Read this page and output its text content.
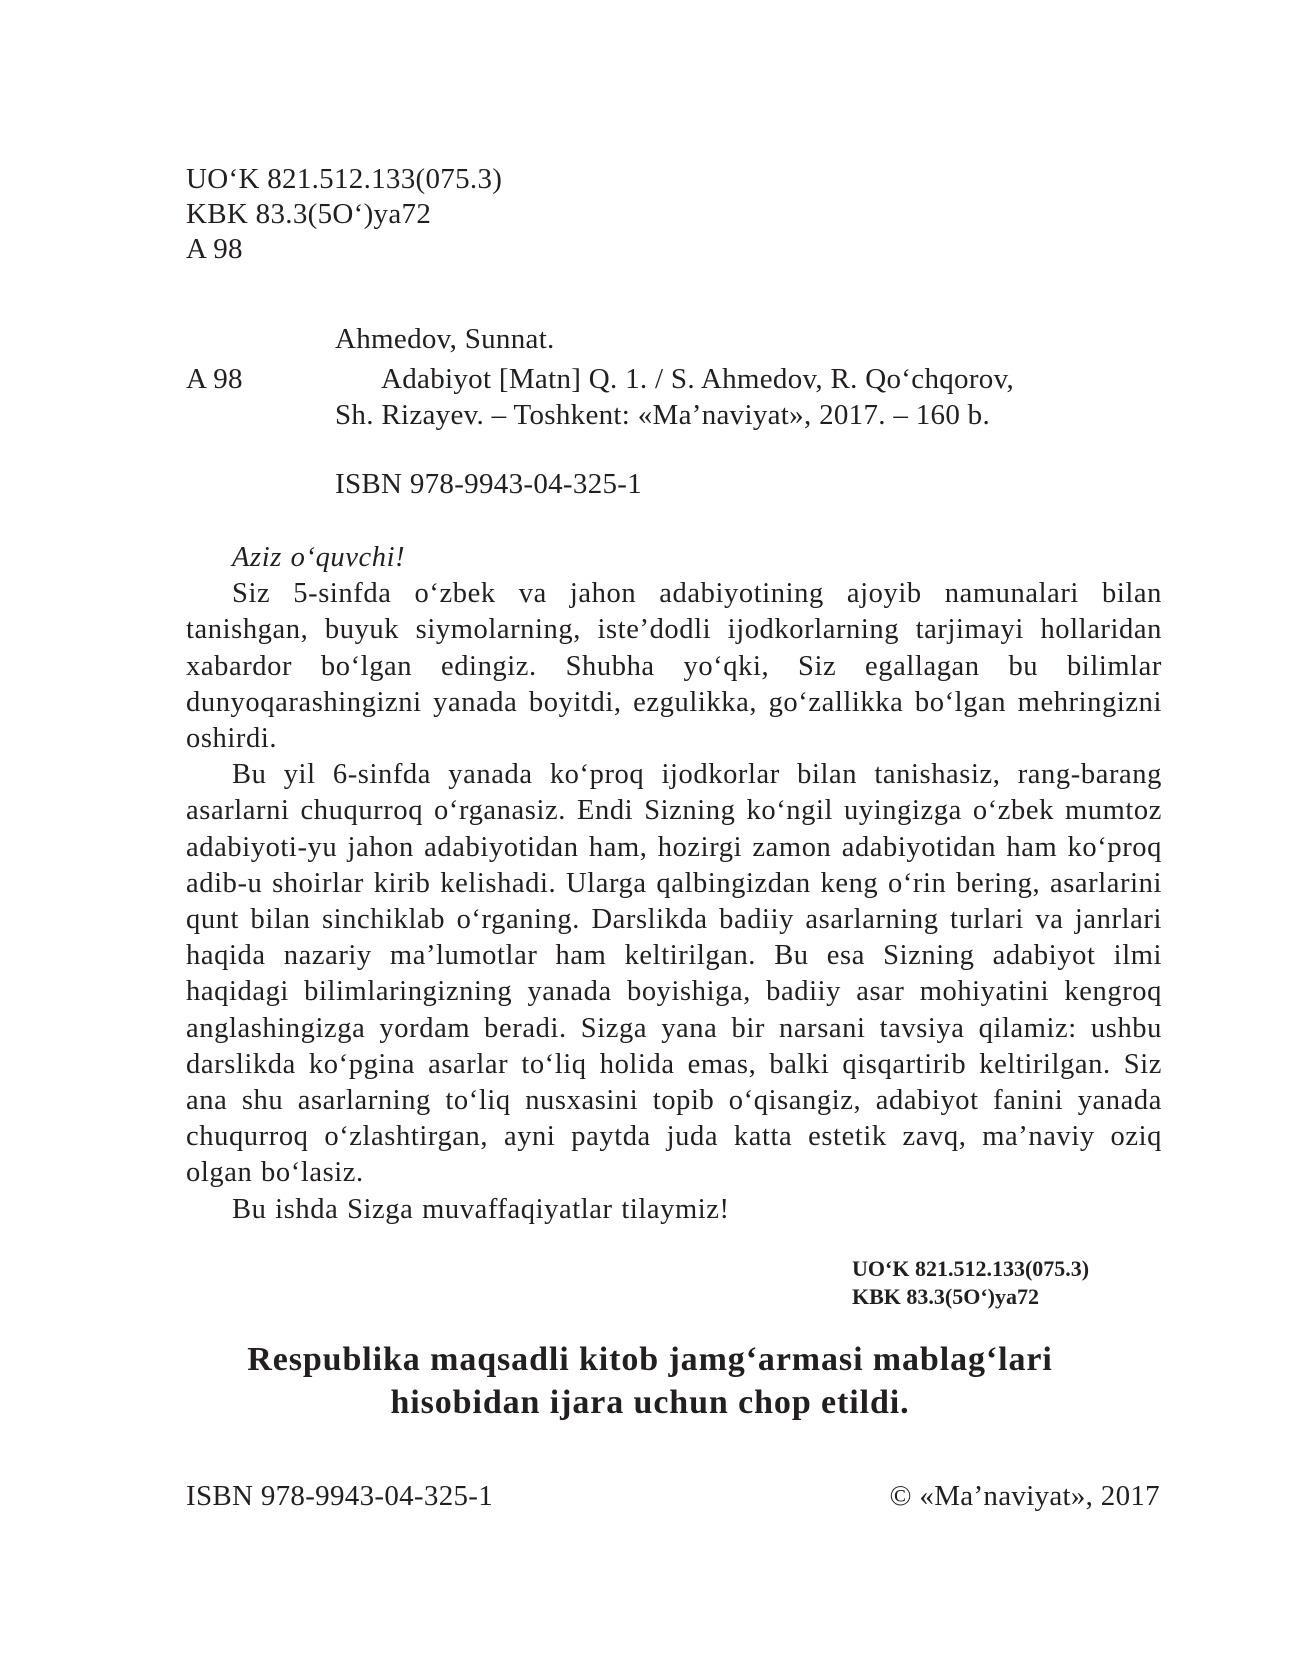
UO‘K 821.512.133(075.3)
KBK 83.3(5O‘)ya72
A 98
Ahmedov, Sunnat.
A 98	Adabiyot [Matn] Q. 1. / S. Ahmedov, R. Qo‘chqorov,
Sh. Rizayev. – Toshkent: «Ma’naviyat», 2017. – 160 b.
ISBN 978-9943-04-325-1
Aziz o‘quvchi!

Siz 5-sinfda o‘zbek va jahon adabiyotining ajoyib namunalari bilan tanishgan, buyuk siymolarning, iste’dodli ijodkorlarning tarjimayi hollaridan xabardor bo‘lgan edingiz. Shubha yo‘qki, Siz egallagan bu bilimlar dunyoqarashingizni yanada boyitdi, ezgulikka, go‘zallikka bo‘lgan mehringizni oshirdi.

Bu yil 6-sinfda yanada ko‘proq ijodkorlar bilan tanishasiz, rang-barang asarlarni chuqurroq o‘rganasiz. Endi Sizning ko‘ngil uyingizga o‘zbek mumtoz adabiyoti-yu jahon adabiyotidan ham, hozirgi zamon adabiyotidan ham ko‘proq adib-u shoirlar kirib kelishadi. Ularga qalbingizdan keng o‘rin bering, asarlarini qunt bilan sinchiklab o‘rganing. Darslikda badiiy asarlarning turlari va janrlari haqida nazariy ma’lumotlar ham keltirilgan. Bu esa Sizning adabiyot ilmi haqidagi bilimlaringizning yanada boyishiga, badiiy asar mohiyatini kengroq anglashingizga yordam beradi. Sizga yana bir narsani tavsiya qilamiz: ushbu darslikda ko‘pgina asarlar to‘liq holida emas, balki qisqartirib keltirilgan. Siz ana shu asarlarning to‘liq nusxasini topib o‘qisangiz, adabiyot fanini yanada chuqurroq o‘zlashtirgan, ayni paytda juda katta estetik zavq, ma’naviy oziq olgan bo‘lasiz.

Bu ishda Sizga muvaffaqiyatlar tilaymiz!
UO‘K 821.512.133(075.3)
KBK 83.3(5O‘)ya72
Respublika maqsadli kitob jamg‘armasi mablag‘lari
hisobidan ijara uchun chop etildi.
ISBN 978-9943-04-325-1	© «Ma’naviyat», 2017
